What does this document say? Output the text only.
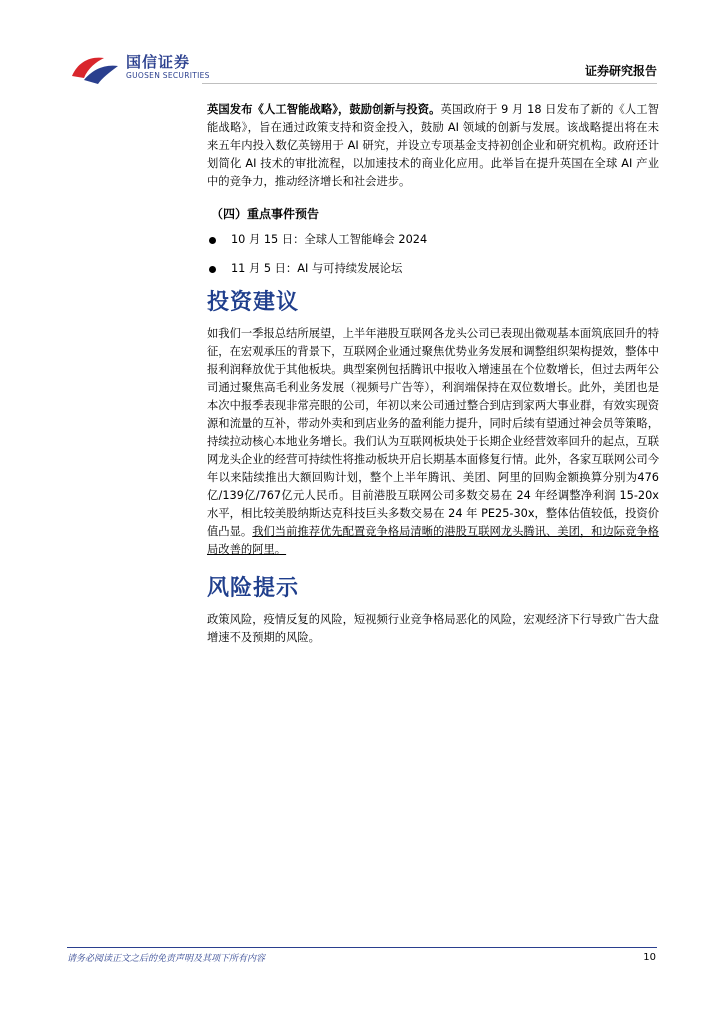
国信证券
GUOSEN SECURITIES	证券研究报告

英国发布《人工智能战略》，鼓励创新与投资。英国政府于 9 月 18 日发布了新的《人工智能战略》，旨在通过政策支持和资金投入，鼓励 AI 领域的创新与发展。该战略提出将在未来五年内投入数亿英镑用于 AI 研究，并设立专项基金支持初创企业和研究机构。政府还计划简化 AI 技术的审批流程，以加速技术的商业化应用。此举旨在提升英国在全球 AI 产业中的竞争力，推动经济增长和社会进步。

（四）重点事件预告
10 月 15 日：全球人工智能峰会 2024
11 月 5 日：AI 与可持续发展论坛
投资建议

如我们一季报总结所展望，上半年港股互联网各龙头公司已表现出微观基本面筑底回升的特征，在宏观承压的背景下，互联网企业通过聚焦优势业务发展和调整组织架构提效，整体中报利润释放优于其他板块。典型案例包括腾讯中报收入增速虽在个位数增长，但过去两年公司通过聚焦高毛利业务发展（视频号广告等），利润端保持在双位数增长。此外，美团也是本次中报季表现非常亮眼的公司，年初以来公司通过整合到店到家两大事业群，有效实现资源和流量的互补，带动外卖和到店业务的盈利能力提升，同时后续有望通过神会员等策略，持续拉动核心本地业务增长。我们认为互联网板块处于长期企业经营效率回升的起点，互联网龙头企业的经营可持续性将推动板块开启长期基本面修复行情。此外，各家互联网公司今年以来陆续推出大额回购计划，整个上半年腾讯、美团、阿里的回购金额换算分别为476亿/139亿/767亿元人民币。目前港股互联网公司多数交易在 24 年经调整净利润 15-20x 水平，相比较美股纳斯达克科技巨头多数交易在 24 年 PE25-30x，整体估值较低，投资价值凸显。我们当前推荐优先配置竞争格局清晰的港股互联网龙头腾讯、美团，和边际竞争格局改善的阿里。

风险提示

政策风险，疫情反复的风险，短视频行业竞争格局恶化的风险，宏观经济下行导致广告大盘增速不及预期的风险。

请务必阅读正文之后的免责声明及其项下所有内容	10
